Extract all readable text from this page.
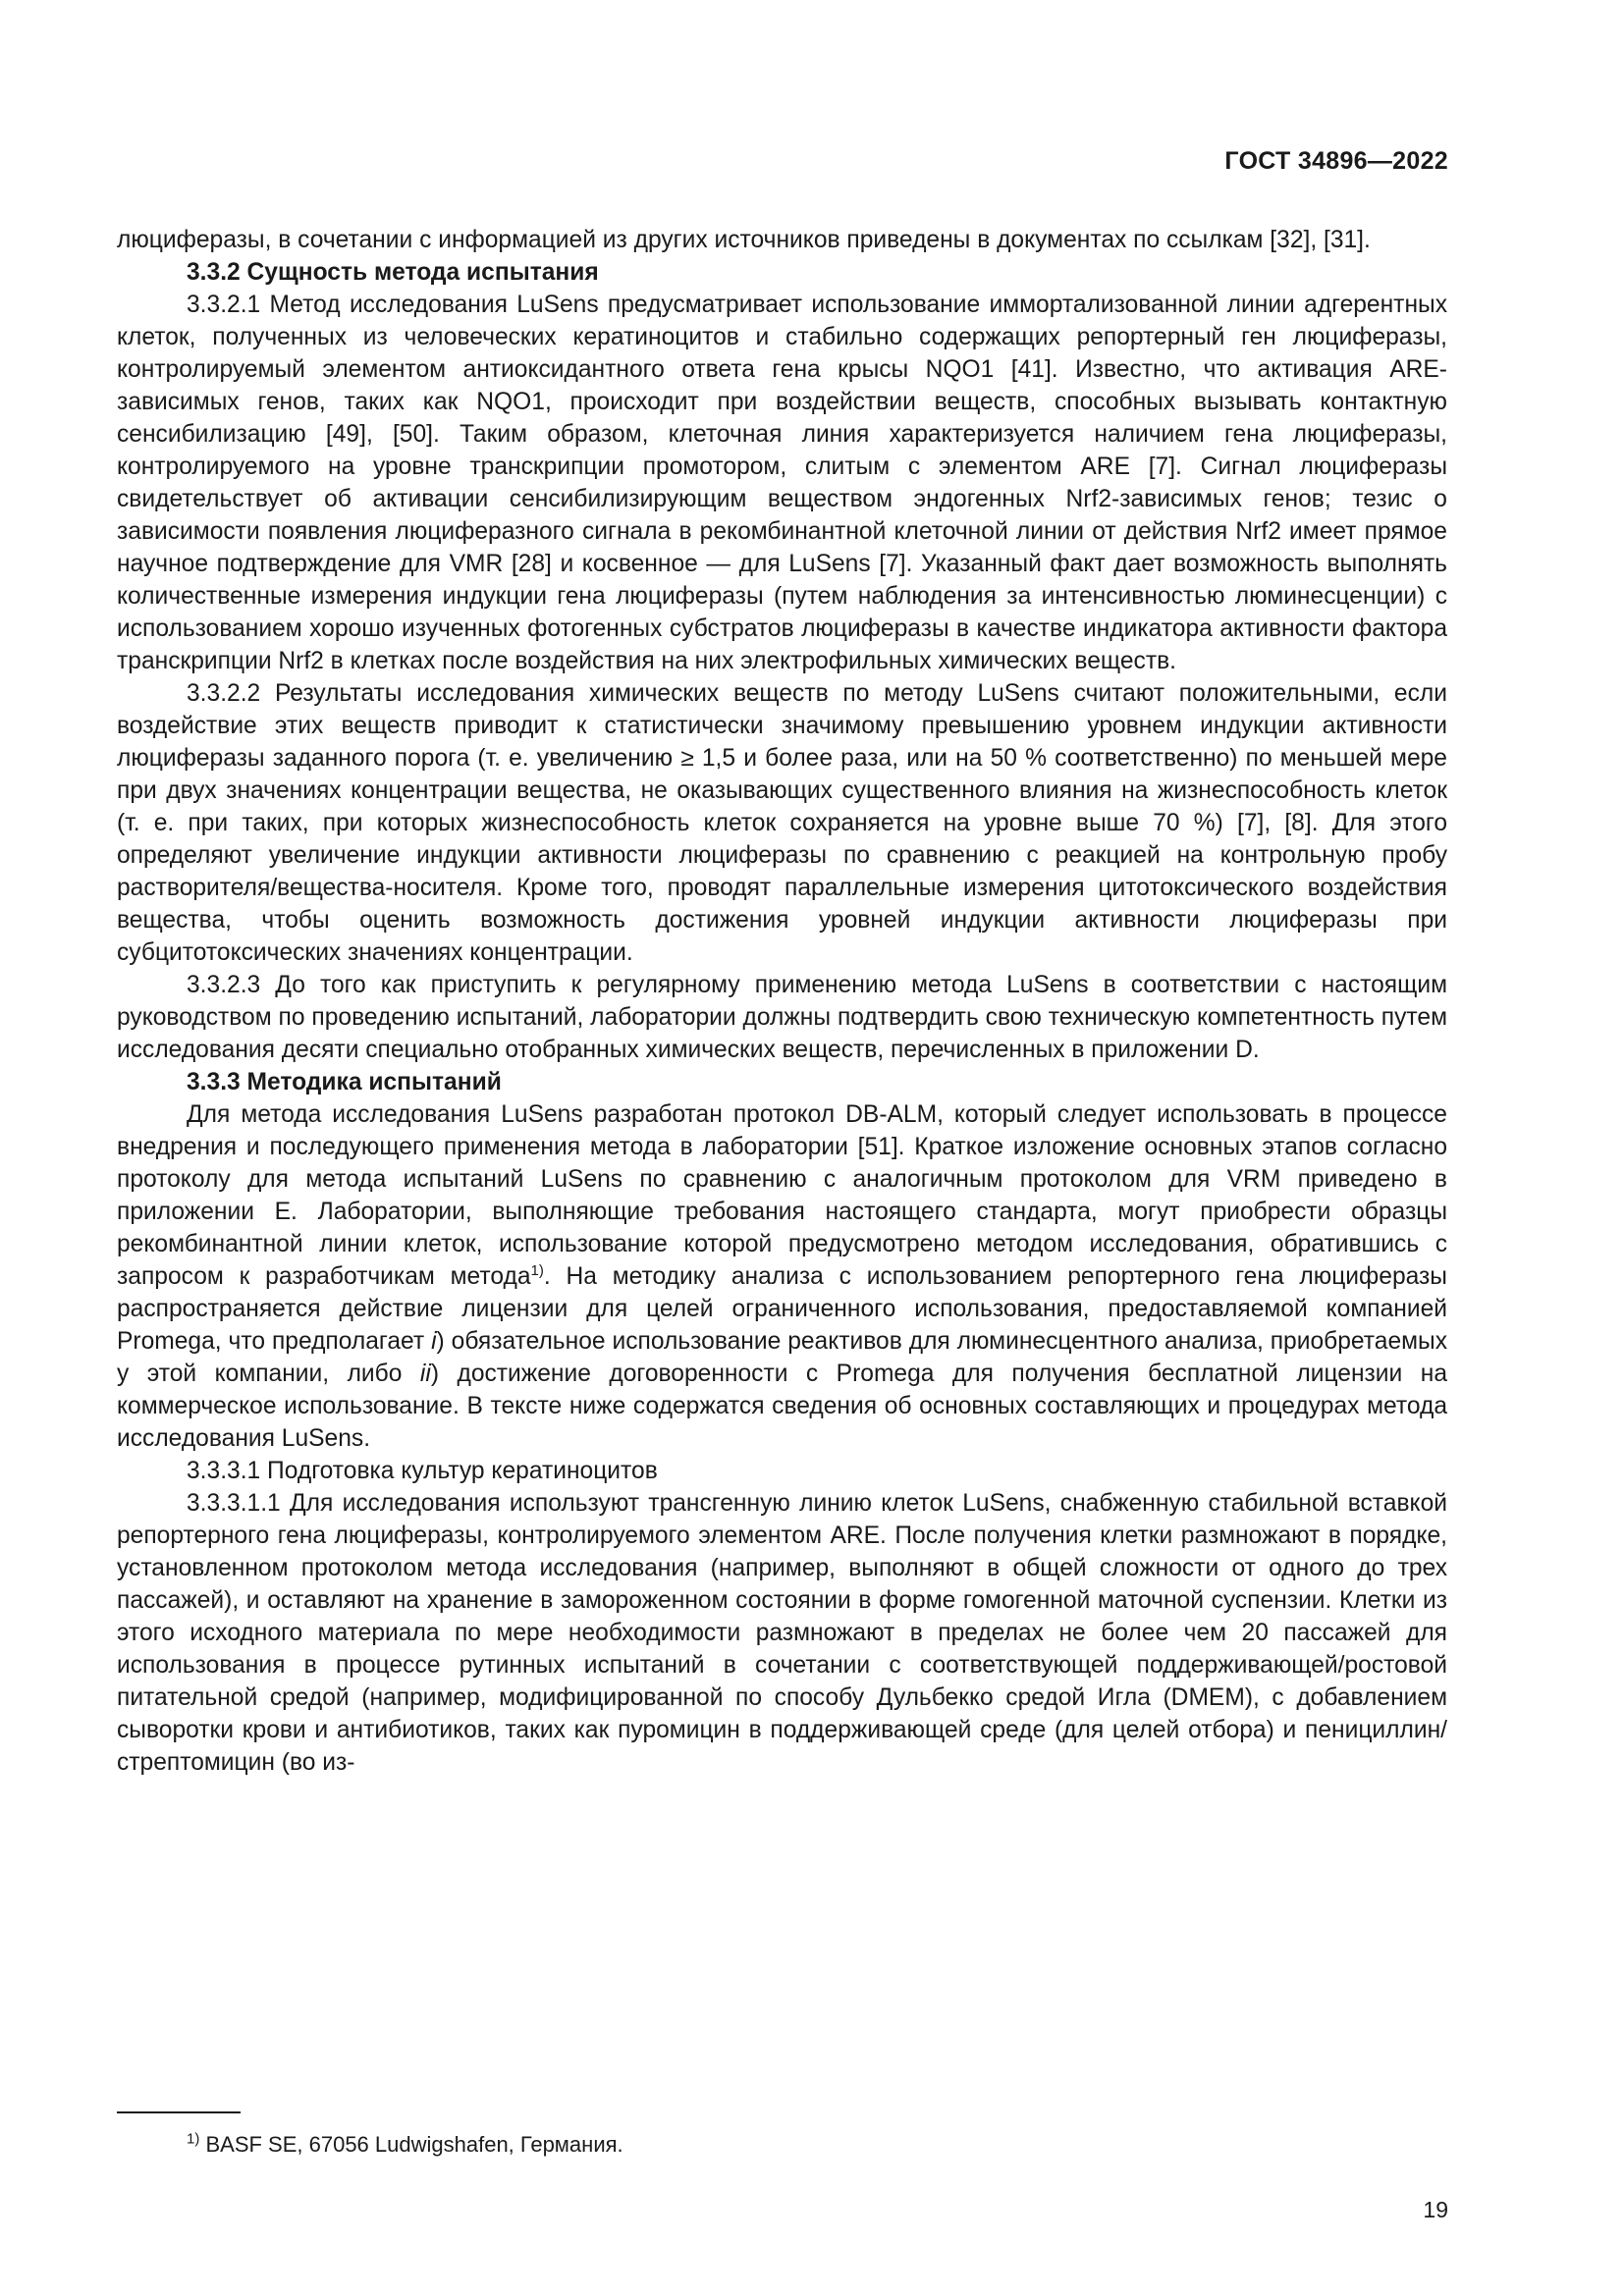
ГОСТ 34896—2022

люциферазы, в сочетании с информацией из других источников приведены в документах по ссылкам [32], [31].

3.3.2 Сущность метода испытания

3.3.2.1 Метод исследования LuSens предусматривает использование иммортализованной линии адгерентных клеток, полученных из человеческих кератиноцитов и стабильно содержащих репортерный ген люциферазы, контролируемый элементом антиоксидантного ответа гена крысы NQO1 [41]. Известно, что активация ARE-зависимых генов, таких как NQO1, происходит при воздействии веществ, способных вызывать контактную сенсибилизацию [49], [50]. Таким образом, клеточная линия характеризуется наличием гена люциферазы, контролируемого на уровне транскрипции промотором, слитым с элементом ARE [7]. Сигнал люциферазы свидетельствует об активации сенсибилизирующим веществом эндогенных Nrf2-зависимых генов; тезис о зависимости появления люциферазного сигнала в рекомбинантной клеточной линии от действия Nrf2 имеет прямое научное подтверждение для VMR [28] и косвенное — для LuSens [7]. Указанный факт дает возможность выполнять количественные измерения индукции гена люциферазы (путем наблюдения за интенсивностью люминесценции) с использованием хорошо изученных фотогенных субстратов люциферазы в качестве индикатора активности фактора транскрипции Nrf2 в клетках после воздействия на них электрофильных химических веществ.

3.3.2.2 Результаты исследования химических веществ по методу LuSens считают положительными, если воздействие этих веществ приводит к статистически значимому превышению уровнем индукции активности люциферазы заданного порога (т. е. увеличению ≥ 1,5 и более раза, или на 50 % соответственно) по меньшей мере при двух значениях концентрации вещества, не оказывающих существенного влияния на жизнеспособность клеток (т. е. при таких, при которых жизнеспособность клеток сохраняется на уровне выше 70 %) [7], [8]. Для этого определяют увеличение индукции активности люциферазы по сравнению с реакцией на контрольную пробу растворителя/вещества-носителя. Кроме того, проводят параллельные измерения цитотоксического воздействия вещества, чтобы оценить возможность достижения уровней индукции активности люциферазы при субцитотоксических значениях концентрации.

3.3.2.3 До того как приступить к регулярному применению метода LuSens в соответствии с настоящим руководством по проведению испытаний, лаборатории должны подтвердить свою техническую компетентность путем исследования десяти специально отобранных химических веществ, перечисленных в приложении D.

3.3.3 Методика испытаний

Для метода исследования LuSens разработан протокол DB-ALM, который следует использовать в процессе внедрения и последующего применения метода в лаборатории [51]. Краткое изложение основных этапов согласно протоколу для метода испытаний LuSens по сравнению с аналогичным протоколом для VRM приведено в приложении E. Лаборатории, выполняющие требования настоящего стандарта, могут приобрести образцы рекомбинантной линии клеток, использование которой предусмотрено методом исследования, обратившись с запросом к разработчикам метода$^{1)}$. На методику анализа с использованием репортерного гена люциферазы распространяется действие лицензии для целей ограниченного использования, предоставляемой компанией Promega, что предполагает i) обязательное использование реактивов для люминесцентного анализа, приобретаемых у этой компании, либо ii) достижение договоренности с Promega для получения бесплатной лицензии на коммерческое использование. В тексте ниже содержатся сведения об основных составляющих и процедурах метода исследования LuSens.

3.3.3.1 Подготовка культур кератиноцитов

3.3.3.1.1 Для исследования используют трансгенную линию клеток LuSens, снабженную стабильной вставкой репортерного гена люциферазы, контролируемого элементом ARE. После получения клетки размножают в порядке, установленном протоколом метода исследования (например, выполняют в общей сложности от одного до трех пассажей), и оставляют на хранение в замороженном состоянии в форме гомогенной маточной суспензии. Клетки из этого исходного материала по мере необходимости размножают в пределах не более чем 20 пассажей для использования в процессе рутинных испытаний в сочетании с соответствующей поддерживающей/ростовой питательной средой (например, модифицированной по способу Дульбекко средой Игла (DMEM), с добавлением сыворотки крови и антибиотиков, таких как пуромицин в поддерживающей среде (для целей отбора) и пенициллин/стрептомицин (во из-

$^{1)}$ BASF SE, 67056 Ludwigshafen, Германия.
19
